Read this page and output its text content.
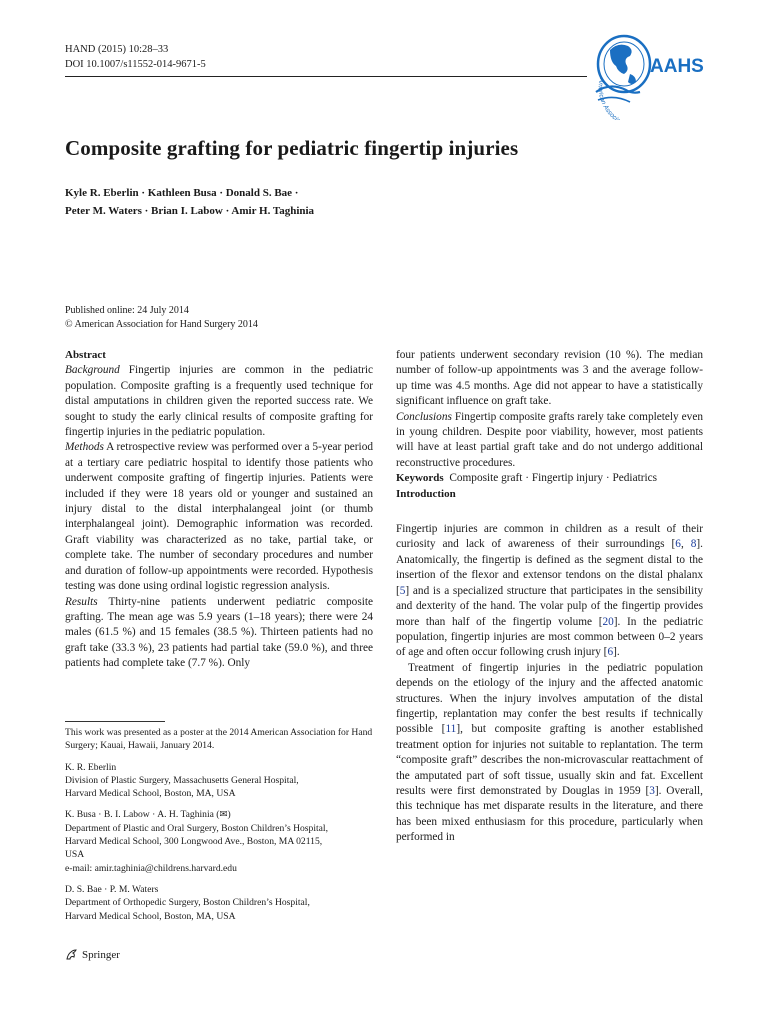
HAND (2015) 10:28–33
DOI 10.1007/s11552-014-9671-5	AAHS
American Associ
Composite grafting for pediatric fingertip injuries
Kyle R. Eberlin · Kathleen Busa · Donald S. Bae ·
Peter M. Waters · Brian I. Labow · Amir H. Taghinia
Published online: 24 July 2014
© American Association for Hand Surgery 2014

Abstract

Background Fingertip injuries are common in the pediatric population. Composite grafting is a frequently used technique for distal amputations in children given the reported success rate. We sought to study the early clinical results of composite grafting for fingertip injuries in the pediatric population.

Methods A retrospective review was performed over a 5-year period at a tertiary care pediatric hospital to identify those patients who underwent composite grafting of fingertip injuries. Patients were included if they were 18 years old or younger and sustained an injury distal to the distal interphalangeal joint (or thumb interphalangeal joint). Demographic information was recorded. Graft viability was characterized as no take, partial take, or complete take. The number of secondary procedures and number and duration of follow-up appointments were recorded. Hypothesis testing was done using ordinal logistic regression analysis.

Results Thirty-nine patients underwent pediatric composite grafting. The mean age was 5.9 years (1–18 years); there were 24 males (61.5 %) and 15 females (38.5 %). Thirteen patients had no graft take (33.3 %), 23 patients had partial take (59.0 %), and three patients had complete take (7.7 %). Only

This work was presented as a poster at the 2014 American Association for Hand Surgery; Kauai, Hawaii, January 2014.
K. R. Eberlin
Division of Plastic Surgery, Massachusetts General Hospital,
Harvard Medical School, Boston, MA, USA
K. Busa · B. I. Labow · A. H. Taghinia (✉)
Department of Plastic and Oral Surgery, Boston Children’s Hospital,
Harvard Medical School, 300 Longwood Ave., Boston, MA 02115,
USA
e-mail: amir.taghinia@childrens.harvard.edu
D. S. Bae · P. M. Waters
Department of Orthopedic Surgery, Boston Children’s Hospital,
Harvard Medical School, Boston, MA, USA
Springer

four patients underwent secondary revision (10 %). The median number of follow-up appointments was 3 and the average follow-up time was 4.5 months. Age did not appear to have a statistically significant influence on graft take.

Conclusions Fingertip composite grafts rarely take completely even in young children. Despite poor viability, however, most patients will have at least partial graft take and do not undergo additional reconstructive procedures.

Keywords Composite graft · Fingertip injury · Pediatrics

Introduction

Fingertip injuries are common in children as a result of their curiosity and lack of awareness of their surroundings [6, 8]. Anatomically, the fingertip is defined as the segment distal to the insertion of the flexor and extensor tendons on the distal phalanx [5] and is a specialized structure that participates in the sensibility and dexterity of the hand. The volar pulp of the fingertip provides more than half of the fingertip volume [20]. In the pediatric population, fingertip injuries are most common between 0–2 years of age and often occur following crush injury [6].

Treatment of fingertip injuries in the pediatric population depends on the etiology of the injury and the affected anatomic structures. When the injury involves amputation of the distal fingertip, replantation may confer the best results if technically possible [11], but composite grafting is another established treatment option for injuries not suitable to replantation. The term “composite graft” describes the non-microvascular reattachment of the amputated part of soft tissue, usually skin and fat. Excellent results were first demonstrated by Douglas in 1959 [3]. Overall, this technique has met disparate results in the literature, and there has been mixed enthusiasm for this procedure, particularly when performed in
